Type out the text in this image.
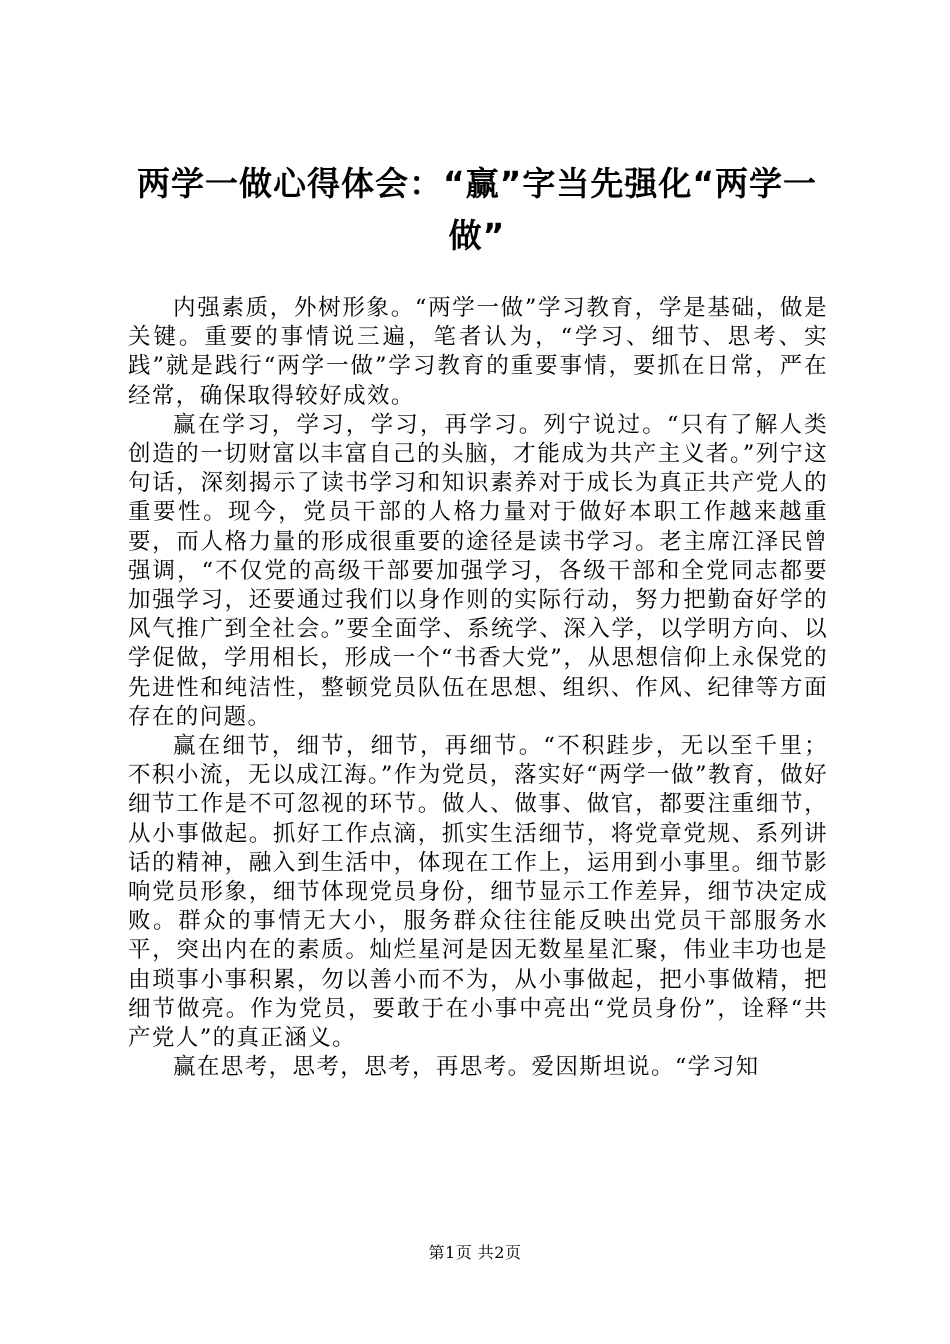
两学一做心得体会：“赢”字当先强化“两学一做”

内强素质，外树形象。“两学一做”学习教育，学是基础，做是关键。重要的事情说三遍，笔者认为，“学习、细节、思考、实践”就是践行“两学一做”学习教育的重要事情，要抓在日常，严在经常，确保取得较好成效。

赢在学习，学习，学习，再学习。列宁说过。“只有了解人类创造的一切财富以丰富自己的头脑，才能成为共产主义者。”列宁这句话，深刻揭示了读书学习和知识素养对于成长为真正共产党人的重要性。现今，党员干部的人格力量对于做好本职工作越来越重要，而人格力量的形成很重要的途径是读书学习。老主席江泽民曾强调，“不仅党的高级干部要加强学习，各级干部和全党同志都要加强学习，还要通过我们以身作则的实际行动，努力把勤奋好学的风气推广到全社会。”要全面学、系统学、深入学，以学明方向、以学促做，学用相长，形成一个“书香大党”，从思想信仰上永保党的先进性和纯洁性，整顿党员队伍在思想、组织、作风、纪律等方面存在的问题。

赢在细节，细节，细节，再细节。“不积跬步，无以至千里；不积小流，无以成江海。”作为党员，落实好“两学一做”教育，做好细节工作是不可忽视的环节。做人、做事、做官，都要注重细节，从小事做起。抓好工作点滴，抓实生活细节，将党章党规、系列讲话的精神，融入到生活中，体现在工作上，运用到小事里。细节影响党员形象，细节体现党员身份，细节显示工作差异，细节决定成败。群众的事情无大小，服务群众往往能反映出党员干部服务水平，突出内在的素质。灿烂星河是因无数星星汇聚，伟业丰功也是由琐事小事积累，勿以善小而不为，从小事做起，把小事做精，把细节做亮。作为党员，要敢于在小事中亮出“党员身份”，诠释“共产党人”的真正涵义。

赢在思考，思考，思考，再思考。爱因斯坦说。“学习知

第1页 共2页
